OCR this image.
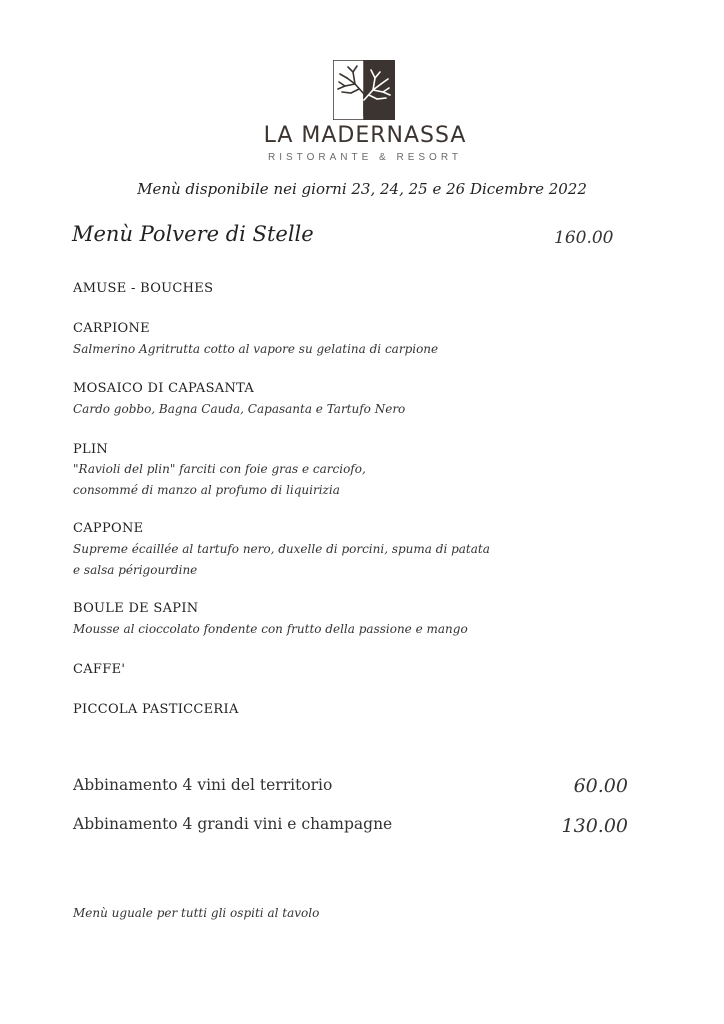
LA MADERNASSA
RISTORANTE & RESORT
Menù disponibile nei giorni 23, 24, 25 e 26 Dicembre 2022
Menù Polvere di Stelle	160.00
AMUSE - BOUCHES
CARPIONE
Salmerino Agritrutta cotto al vapore su gelatina di carpione
MOSAICO DI CAPASANTA
Cardo gobbo, Bagna Cauda, Capasanta e Tartufo Nero
PLIN
"Ravioli del plin" farciti con foie gras e carciofo,
consommé di manzo al profumo di liquirizia
CAPPONE
Supreme écaillée al tartufo nero, duxelle di porcini, spuma di patata
e salsa périgourdine
BOULE DE SAPIN
Mousse al cioccolato fondente con frutto della passione e mango
CAFFE'
PICCOLA PASTICCERIA
Abbinamento 4 vini del territorio	60.00
Abbinamento 4 grandi vini e champagne	130.00
Menù uguale per tutti gli ospiti al tavolo
